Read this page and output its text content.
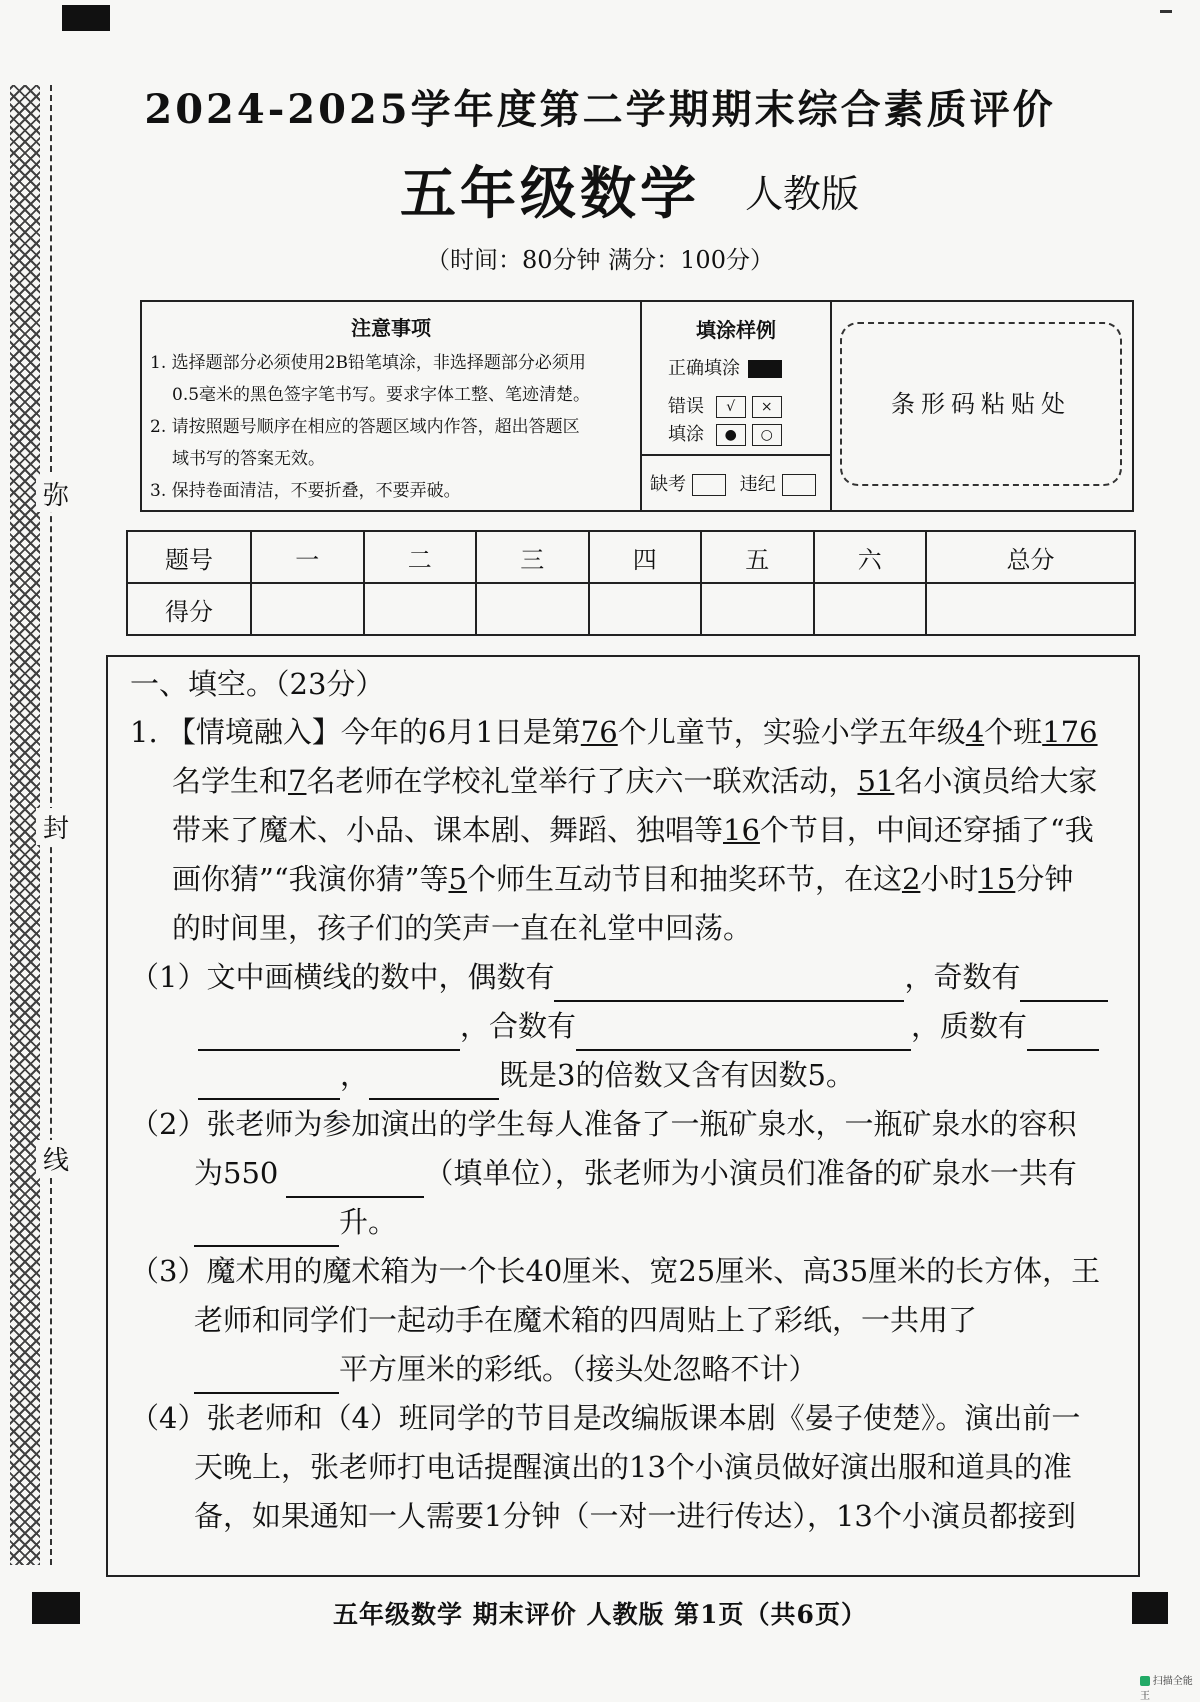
弥
封
线
2024-2025学年度第二学期期末综合素质评价
五年级数学 人教版
（时间：80分钟 满分：100分）
注意事项
1. 选择题部分必须使用2B铅笔填涂，非选择题部分必须用
0.5毫米的黑色签字笔书写。要求字体工整、笔迹清楚。
2. 请按照题号顺序在相应的答题区域内作答，超出答题区
域书写的答案无效。
3. 保持卷面清洁，不要折叠，不要弄破。
填涂样例
正确填涂
错误 √ ×
填涂 ● ○
缺考	违纪
条形码粘贴处
题号	一	二	三	四	五	六	总分
得分							
一、填空。（23分）
1. 【情境融入】今年的6月1日是第76个儿童节，实验小学五年级4个班176
名学生和7名老师在学校礼堂举行了庆六一联欢活动，51名小演员给大家
带来了魔术、小品、课本剧、舞蹈、独唱等16个节目，中间还穿插了“我
画你猜”“我演你猜”等5个师生互动节目和抽奖环节，在这2小时15分钟
的时间里，孩子们的笑声一直在礼堂中回荡。
（1）文中画横线的数中，偶数有	，奇数有
，合数有	，质数有
，	既是3的倍数又含有因数5。
（2）张老师为参加演出的学生每人准备了一瓶矿泉水，一瓶矿泉水的容积
为550	（填单位），张老师为小演员们准备的矿泉水一共有
升。
（3）魔术用的魔术箱为一个长40厘米、宽25厘米、高35厘米的长方体，王
老师和同学们一起动手在魔术箱的四周贴上了彩纸，一共用了
平方厘米的彩纸。（接头处忽略不计）
（4）张老师和（4）班同学的节目是改编版课本剧《晏子使楚》。演出前一
天晚上，张老师打电话提醒演出的13个小演员做好演出服和道具的准
备，如果通知一人需要1分钟（一对一进行传达），13个小演员都接到
五年级数学 期末评价 人教版 第1页（共6页）
扫描全能王
